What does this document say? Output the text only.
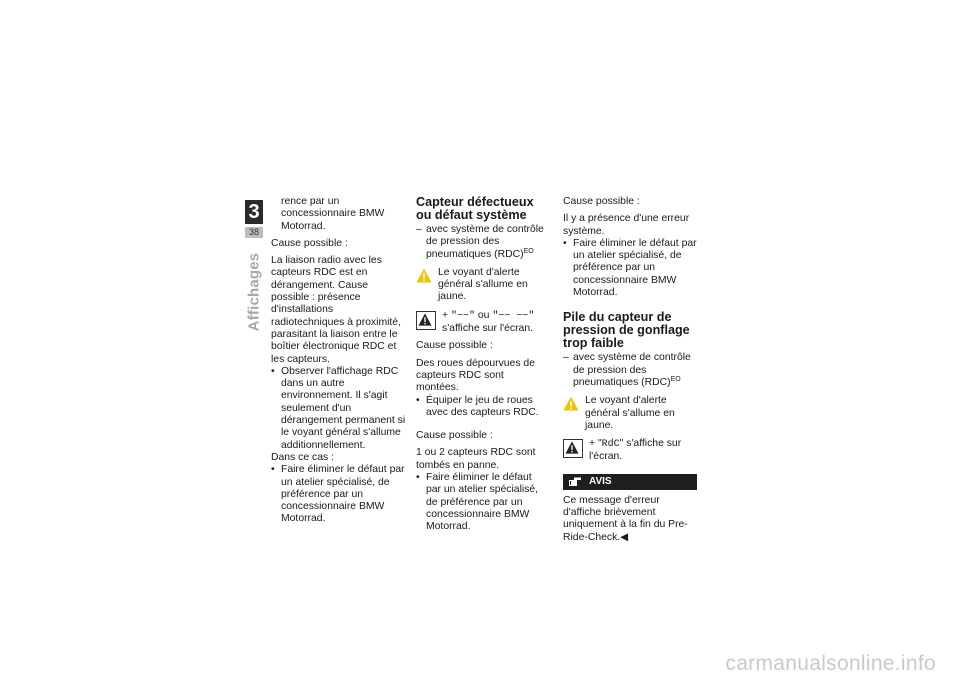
3
38
Affichages

rence par un concessionnaire BMW Motorrad.

Cause possible :

La liaison radio avec les capteurs RDC est en dérangement. Cause possible : présence d'installations radiotechniques à proximité, parasitant la liaison entre le boîtier électronique RDC et les capteurs.

• Observer l'affichage RDC dans un autre environnement. Il s'agit seulement d'un dérangement permanent si le voyant général s'allume additionnellement.

Dans ce cas :

• Faire éliminer le défaut par un atelier spécialisé, de préférence par un concessionnaire BMW Motorrad.

Capteur défectueux ou défaut système

– avec système de contrôle de pression des pneumatiques (RDC)$^{EO}$

Le voyant d'alerte général s'allume en jaune.

+ "−−" ou "−− −−" s'affiche sur l'écran.

Cause possible :

Des roues dépourvues de capteurs RDC sont montées.

• Équiper le jeu de roues avec des capteurs RDC.

Cause possible :

1 ou 2 capteurs RDC sont tombés en panne.

• Faire éliminer le défaut par un atelier spécialisé, de préférence par un concessionnaire BMW Motorrad.

Cause possible :

Il y a présence d'une erreur système.

• Faire éliminer le défaut par un atelier spécialisé, de préférence par un concessionnaire BMW Motorrad.

Pile du capteur de pression de gonflage trop faible

– avec système de contrôle de pression des pneumatiques (RDC)$^{EO}$

Le voyant d'alerte général s'allume en jaune.

+ "RdC" s'affiche sur l'écran.

AVIS

Ce message d'erreur d'affiche brièvement uniquement à la fin du Pre-Ride-Check.◀

carmanualsonline.info
